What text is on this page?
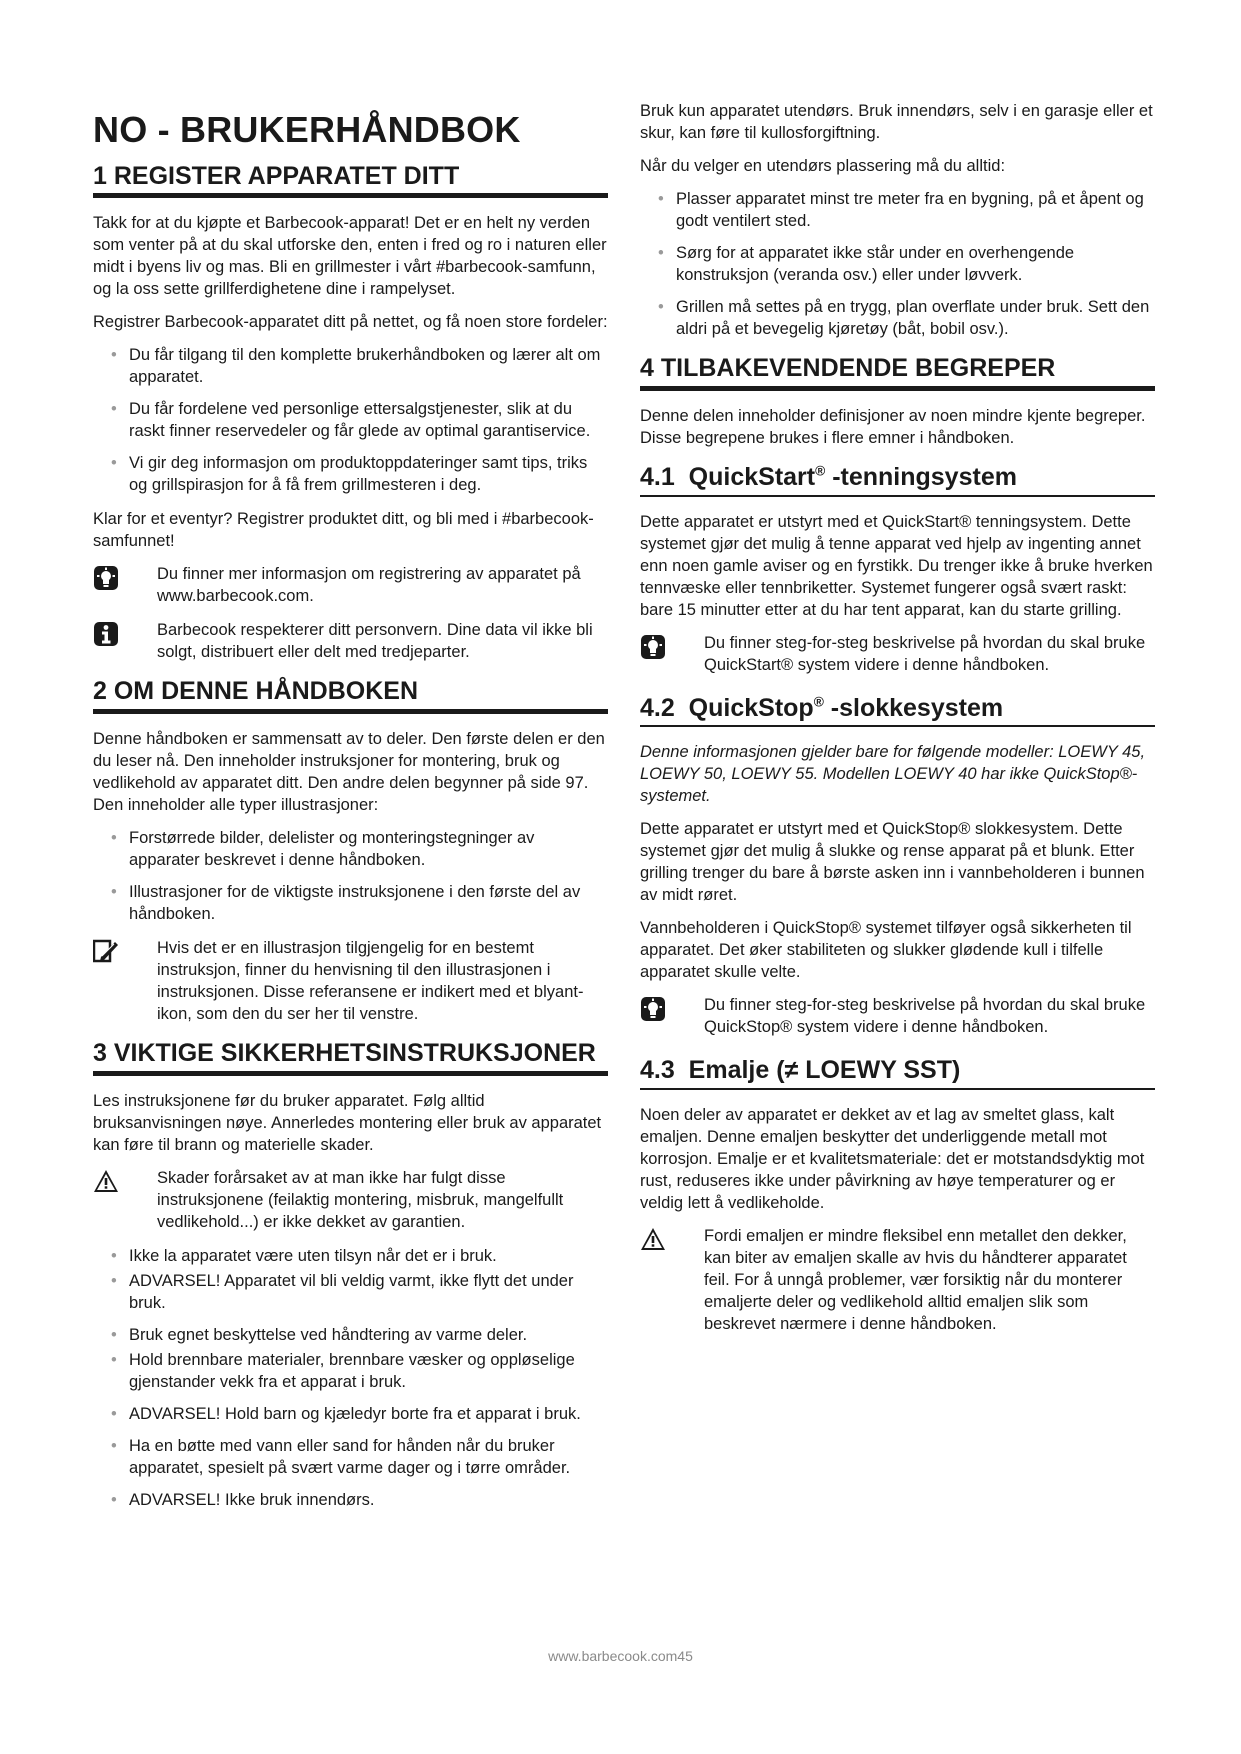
NO - BRUKERHÅNDBOK
1 REGISTER APPARATET DITT

Takk for at du kjøpte et Barbecook-apparat! Det er en helt ny verden som venter på at du skal utforske den, enten i fred og ro i naturen eller midt i byens liv og mas. Bli en grillmester i vårt #barbecook-samfunn, og la oss sette grillferdighetene dine i rampelyset.

Registrer Barbecook-apparatet ditt på nettet, og få noen store fordeler:

• Du får tilgang til den komplette brukerhåndboken og lærer alt om apparatet.
• Du får fordelene ved personlige ettersalgstjenester, slik at du raskt finner reservedeler og får glede av optimal garantiservice.
• Vi gir deg informasjon om produktoppdateringer samt tips, triks og grillspirasjon for å få frem grillmesteren i deg.

Klar for et eventyr? Registrer produktet ditt, og bli med i #barbecook-samfunnet!

Du finner mer informasjon om registrering av apparatet på www.barbecook.com.

Barbecook respekterer ditt personvern. Dine data vil ikke bli solgt, distribuert eller delt med tredjeparter.

2 OM DENNE HÅNDBOKEN

Denne håndboken er sammensatt av to deler. Den første delen er den du leser nå. Den inneholder instruksjoner for montering, bruk og vedlikehold av apparatet ditt. Den andre delen begynner på side 97. Den inneholder alle typer illustrasjoner:

• Forstørrede bilder, delelister og monteringstegninger av apparater beskrevet i denne håndboken.
• Illustrasjoner for de viktigste instruksjonene i den første del av håndboken.

Hvis det er en illustrasjon tilgjengelig for en bestemt instruksjon, finner du henvisning til den illustrasjonen i instruksjonen. Disse referansene er indikert med et blyant-ikon, som den du ser her til venstre.

3 VIKTIGE SIKKERHETSINSTRUKSJONER

Les instruksjonene før du bruker apparatet. Følg alltid bruksanvisningen nøye. Annerledes montering eller bruk av apparatet kan føre til brann og materielle skader.

Skader forårsaket av at man ikke har fulgt disse instruksjonene (feilaktig montering, misbruk, mangelfullt vedlikehold...) er ikke dekket av garantien.

• Ikke la apparatet være uten tilsyn når det er i bruk.
• ADVARSEL! Apparatet vil bli veldig varmt, ikke flytt det under bruk.
• Bruk egnet beskyttelse ved håndtering av varme deler.
• Hold brennbare materialer, brennbare væsker og oppløselige gjenstander vekk fra et apparat i bruk.
• ADVARSEL! Hold barn og kjæledyr borte fra et apparat i bruk.
• Ha en bøtte med vann eller sand for hånden når du bruker apparatet, spesielt på svært varme dager og i tørre områder.
• ADVARSEL! Ikke bruk innendørs.

Bruk kun apparatet utendørs. Bruk innendørs, selv i en garasje eller et skur, kan føre til kullosforgiftning.

Når du velger en utendørs plassering må du alltid:

• Plasser apparatet minst tre meter fra en bygning, på et åpent og godt ventilert sted.
• Sørg for at apparatet ikke står under en overhengende konstruksjon (veranda osv.) eller under løvverk.
• Grillen må settes på en trygg, plan overflate under bruk. Sett den aldri på et bevegelig kjøretøy (båt, bobil osv.).
4 TILBAKEVENDENDE BEGREPER

Denne delen inneholder definisjoner av noen mindre kjente begreper. Disse begrepene brukes i flere emner i håndboken.

4.1 QuickStart® -tenningsystem

Dette apparatet er utstyrt med et QuickStart® tenningsystem. Dette systemet gjør det mulig å tenne apparat ved hjelp av ingenting annet enn noen gamle aviser og en fyrstikk. Du trenger ikke å bruke hverken tennvæske eller tennbriketter. Systemet fungerer også svært raskt: bare 15 minutter etter at du har tent apparat, kan du starte grilling.

Du finner steg-for-steg beskrivelse på hvordan du skal bruke QuickStart® system videre i denne håndboken.

4.2 QuickStop® -slokkesystem

Denne informasjonen gjelder bare for følgende modeller: LOEWY 45, LOEWY 50, LOEWY 55. Modellen LOEWY 40 har ikke QuickStop®-systemet.

Dette apparatet er utstyrt med et QuickStop® slokkesystem. Dette systemet gjør det mulig å slukke og rense apparat på et blunk. Etter grilling trenger du bare å børste asken inn i vannbeholderen i bunnen av midt røret.

Vannbeholderen i QuickStop® systemet tilføyer også sikkerheten til apparatet. Det øker stabiliteten og slukker glødende kull i tilfelle apparatet skulle velte.

Du finner steg-for-steg beskrivelse på hvordan du skal bruke QuickStop® system videre i denne håndboken.

4.3 Emalje (≠ LOEWY SST)

Noen deler av apparatet er dekket av et lag av smeltet glass, kalt emaljen. Denne emaljen beskytter det underliggende metall mot korrosjon. Emalje er et kvalitetsmateriale: det er motstandsdyktig mot rust, reduseres ikke under påvirkning av høye temperaturer og er veldig lett å vedlikeholde.

Fordi emaljen er mindre fleksibel enn metallet den dekker, kan biter av emaljen skalle av hvis du håndterer apparatet feil. For å unngå problemer, vær forsiktig når du monterer emaljerte deler og vedlikehold alltid emaljen slik som beskrevet nærmere i denne håndboken.

www.barbecook.com45
